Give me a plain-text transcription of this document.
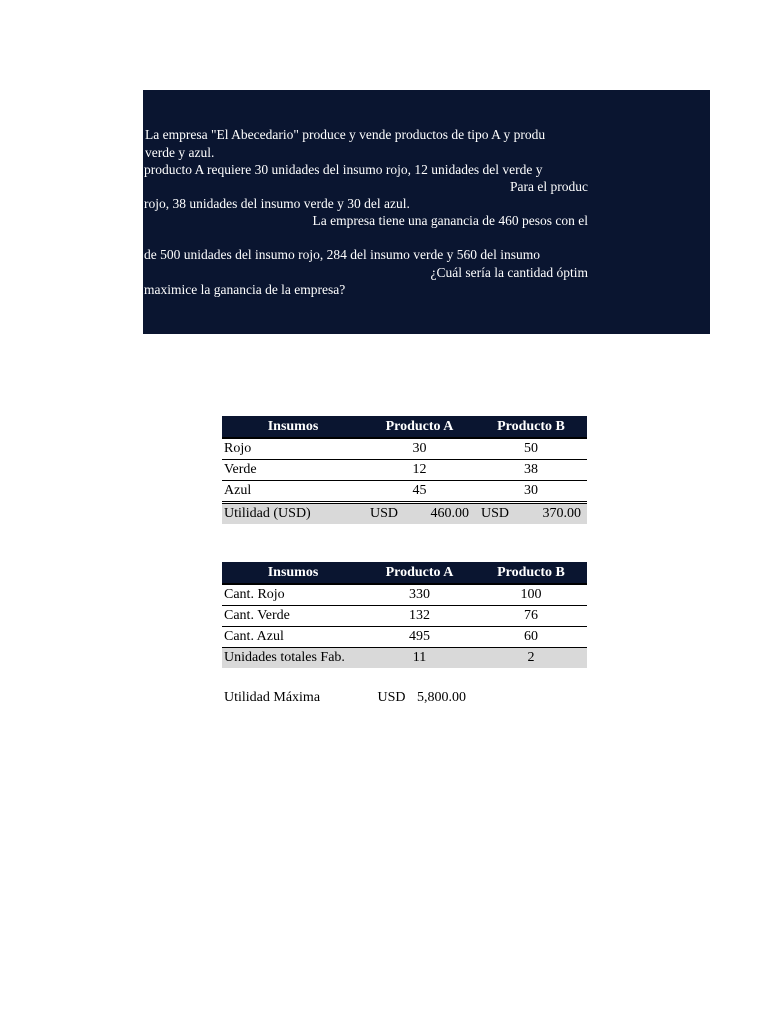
La empresa "El Abecedario" produce y vende productos de tipo A y produ
verde y azul.
producto A requiere 30 unidades del insumo rojo, 12 unidades del verde y
Para el produc
rojo, 38 unidades del insumo verde y 30 del azul.
La empresa tiene una ganancia de 460 pesos con el
de 500 unidades del insumo rojo, 284 del insumo verde y 560 del insumo
¿Cuál sería la cantidad óptim
maximice la ganancia de la empresa?
Insumos	Producto A	Producto B
Rojo	30	50
Verde	12	38
Azul	45	30
Utilidad (USD)	USD 460.00	USD 370.00
Insumos	Producto A	Producto B
Cant. Rojo	330	100
Cant. Verde	132	76
Cant. Azul	495	60
Unidades totales Fab.	11	2
Utilidad Máxima	USD 5,800.00
